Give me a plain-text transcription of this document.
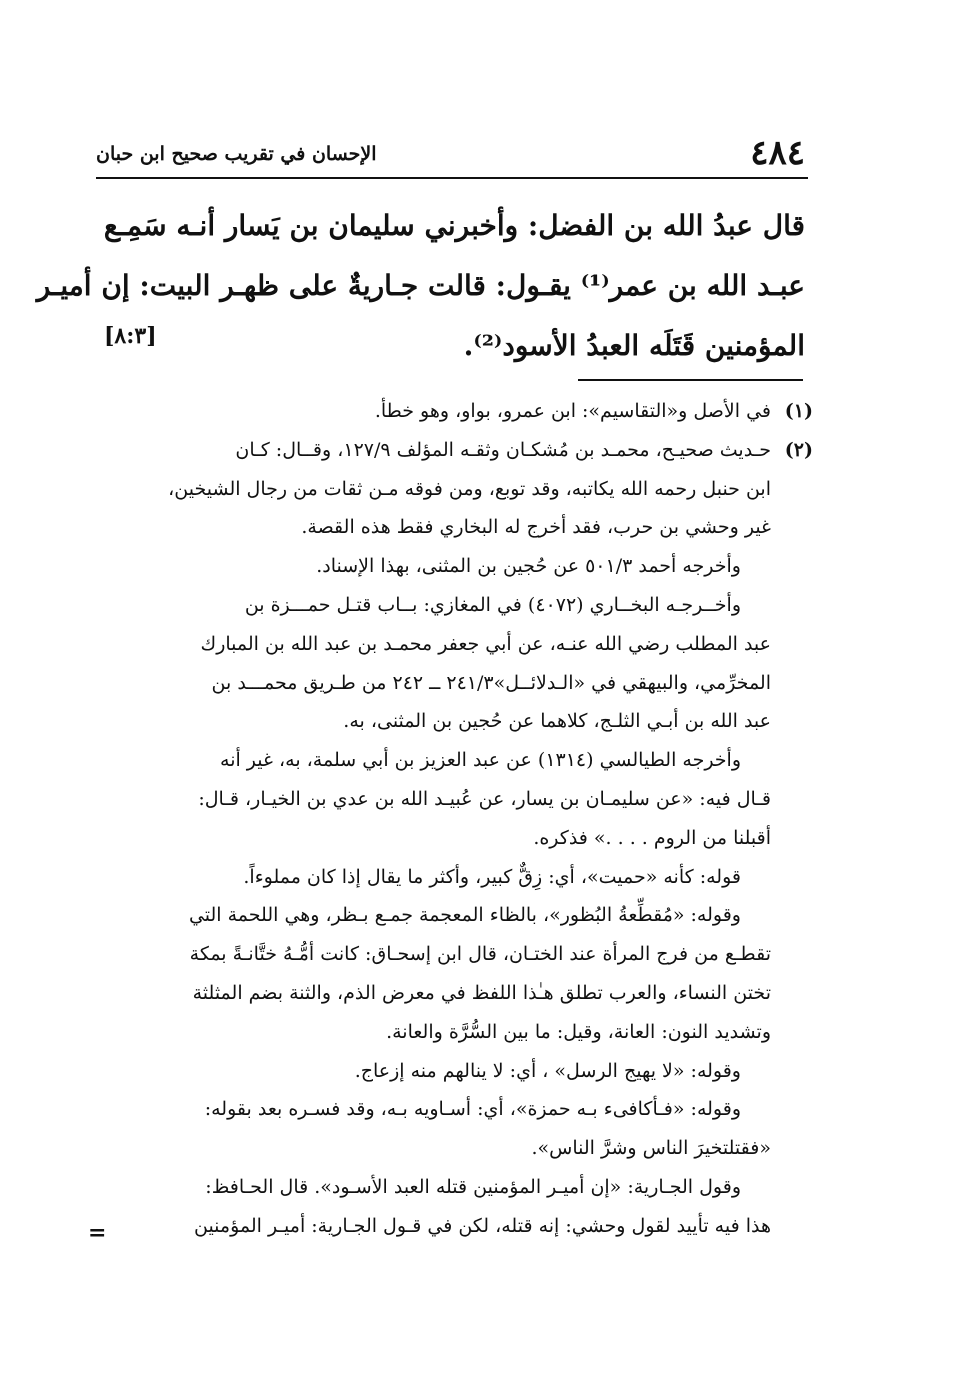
٤٨٤
الإحسان في تقريب صحيح ابن حبان
قال عبدُ الله بن الفضل: وأخبرني سليمان بن يَسار أنـه سَمِـع
عبـد الله بن عمر⁽¹⁾ يقـول: قالت جـاريةٌ على ظهـر البيت: إن أميـر
المؤمنين قَتَلَه العبدُ الأسود⁽²⁾.
[٨:٣]
(١)في الأصل و«التقاسيم»: ابن عمرو، بواو، وهو خطأ.
(٢)حـديث صحيـح، محمـد بن مُشكـان وثقـه المؤلف ١٢٧/٩، وقــال: كـان
ابن حنبل رحمه الله يكاتبه، وقد توبع، ومن فوقه مـن ثقات من رجال الشيخين،
غير وحشي بن حرب، فقد أخرج له البخاري فقط هذه القصة.
وأخرجه أحمد ٥٠١/٣ عن حُجين بن المثنى، بهذا الإسناد.
وأخــرجـه البخــاري (٤٠٧٢) في المغازي: بــاب قتـل حمـــزة بن
عبد المطلب رضي الله عنـه، عن أبي جعفر محمـد بن عبد الله بن المبارك
المخرِّمي، والبيهقي في «الـدلائــل»٢٤١/٣ ــ ٢٤٢ من طـريق محمـــد بن
عبد الله بن أبـي الثلـج، كلاهما عن حُجين بن المثنى، به.
وأخرجه الطيالسي (١٣١٤) عن عبد العزيز بن أبي سلمة، به، غير أنه
قـال فيه: «عن سليمـان بن يسار، عن عُبيـد الله بن عدي بن الخيـار، قـال:
أقبلنا من الروم . . . .» فذكره.
قوله: كأنه «حميت»، أي: زِقٌّ كبير، وأكثر ما يقال إذا كان مملوءاً.
وقوله: «مُقطِّعةُ البُظور»، بالظاء المعجمة جمـع بـظر، وهي اللحمة التي
تقطـع من فرج المرأة عند الختـان، قال ابن إسحـاق: كانت أمُّـهُ ختَّانـةً بمكة
تختن النساء، والعرب تطلق هـٰذا اللفظ في معرض الذم، والثنة بضم المثلثة
وتشديد النون: العانة، وقيل: ما بين السُّرَّة والعانة.
وقوله: «لا يهيج الرسل» ، أي: لا ينالهم منه إزعاج.
وقوله: «فـأكافىء بـه حمزة»، أي: أسـاويه بـه، وقد فسـره بعد بقوله:
«فقتلتخيرَ الناس وشرَّ الناس».
وقول الجـارية: «إن أميـر المؤمنين قتله العبد الأسـود». قال الحـافظ:
هذا فيه تأييد لقول وحشي: إنه قتله، لكن في قـول الجـارية: أميـر المؤمنين
=
